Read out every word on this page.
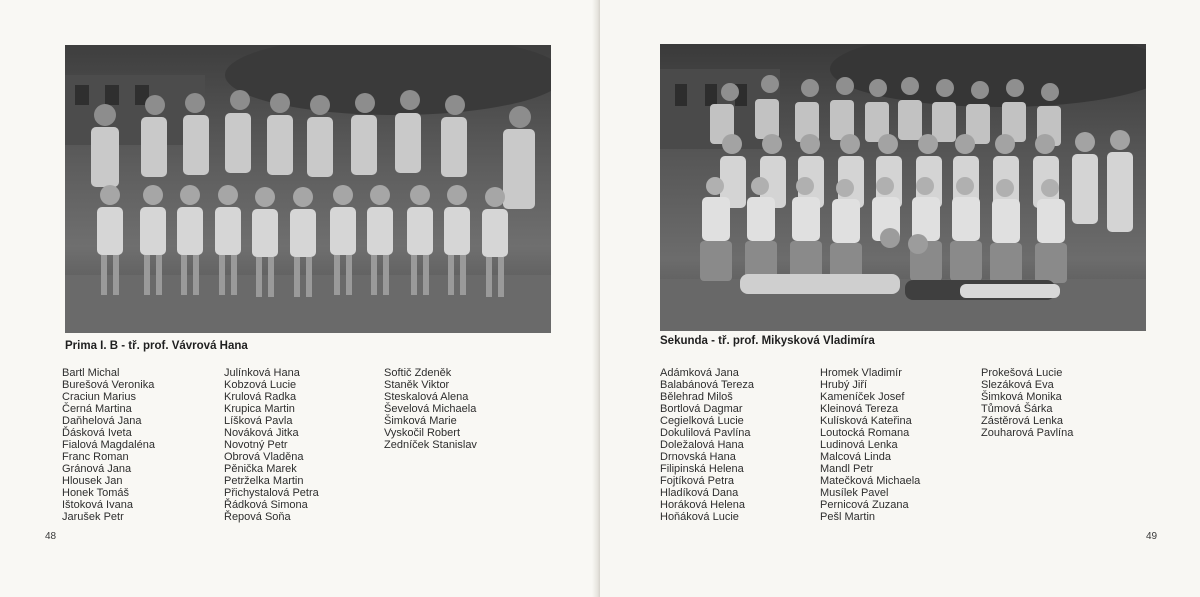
Prima I. B - tř. prof. Vávrová Hana
Bartl Michal
Burešová Veronika
Craciun Marius
Černá Martina
Daňhelová Jana
Ďásková Iveta
Fialová Magdaléna
Franc Roman
Gránová Jana
Hlousek Jan
Honek Tomáš
Ištoková Ivana
Jarušek Petr
Julínková Hana
Kobzová Lucie
Krulová Radka
Krupica Martin
Líšková Pavla
Nováková Jitka
Novotný Petr
Obrová Vladěna
Pěnička Marek
Petrželka Martin
Přichystalová Petra
Řádková Simona
Řepová Soňa
Softič Zdeněk
Staněk Viktor
Steskalová Alena
Ševelová Michaela
Šimková Marie
Vyskočil Robert
Zedníček Stanislav
48
Sekunda - tř. prof. Mikysková Vladimíra
Adámková Jana
Balabánová Tereza
Bělehrad Miloš
Bortlová Dagmar
Cegielková Lucie
Dokulilová Pavlína
Doležalová Hana
Drnovská Hana
Filipinská Helena
Fojtíková Petra
Hladíková Dana
Horáková Helena
Hoňáková Lucie
Hromek Vladimír
Hrubý Jiří
Kameníček Josef
Kleinová Tereza
Kulísková Kateřina
Loutocká Romana
Ludinová Lenka
Malcová Linda
Mandl Petr
Matečková Michaela
Musílek Pavel
Pernicová Zuzana
Pešl Martin
Prokešová Lucie
Slezáková Eva
Šimková Monika
Tůmová Šárka
Zástěrová Lenka
Zouharová Pavlína
49
